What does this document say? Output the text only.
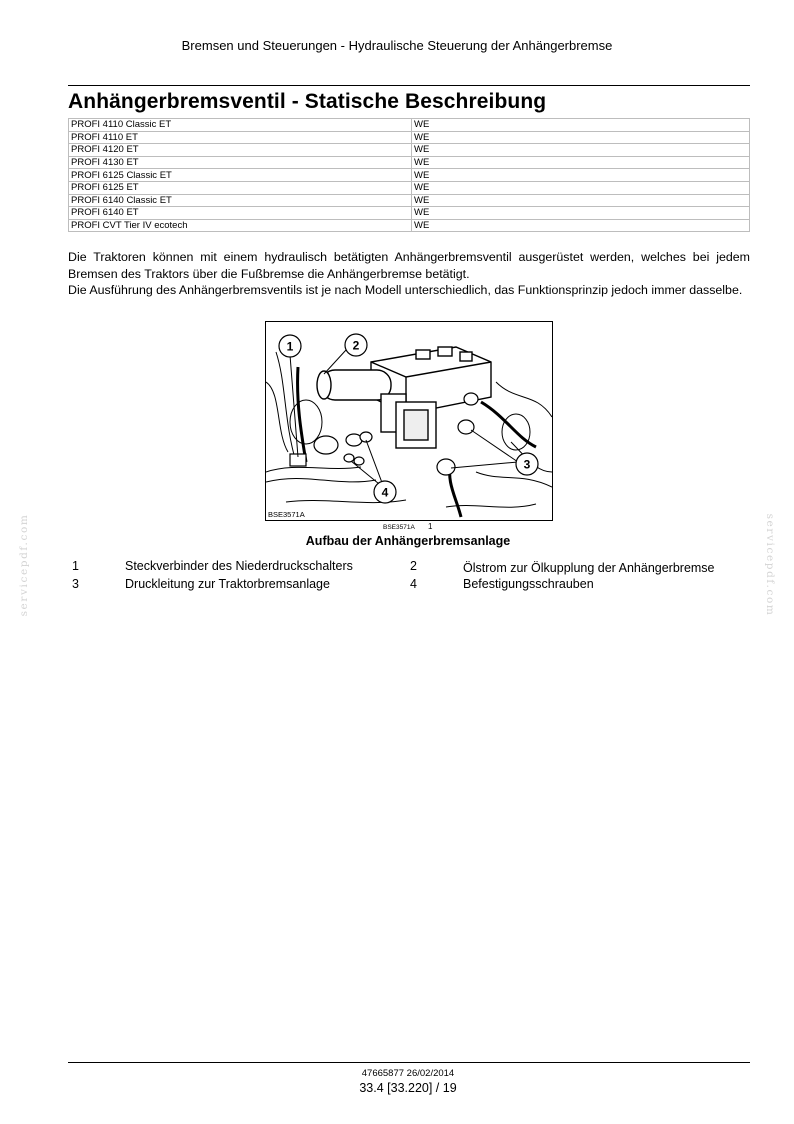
Bremsen und Steuerungen - Hydraulische Steuerung der Anhängerbremse
Anhängerbremsventil - Statische Beschreibung
PROFI 4110 Classic ET	WE
PROFI 4110 ET	WE
PROFI 4120 ET	WE
PROFI 4130 ET	WE
PROFI 6125 Classic ET	WE
PROFI 6125 ET	WE
PROFI 6140 Classic ET	WE
PROFI 6140 ET	WE
PROFI CVT Tier IV ecotech	WE

Die Traktoren können mit einem hydraulisch betätigten Anhängerbremsventil ausgerüstet werden, welches bei jedem Bremsen des Traktors über die Fußbremse die Anhängerbremse betätigt.

Die Ausführung des Anhängerbremsventils ist je nach Modell unterschiedlich, das Funktionsprinzip jedoch immer dasselbe.

1	2
3
4
BSE3571A
BSE3571A 1
Aufbau der Anhängerbremsanlage
1	Steckverbinder des Niederdruckschalters	2	Ölstrom zur Ölkupplung der Anhängerbremse
3	Druckleitung zur Traktorbremsanlage	4	Befestigungsschrauben
servicepdf.com	servicepdf.com
47665877 26/02/2014
33.4 [33.220] / 19
